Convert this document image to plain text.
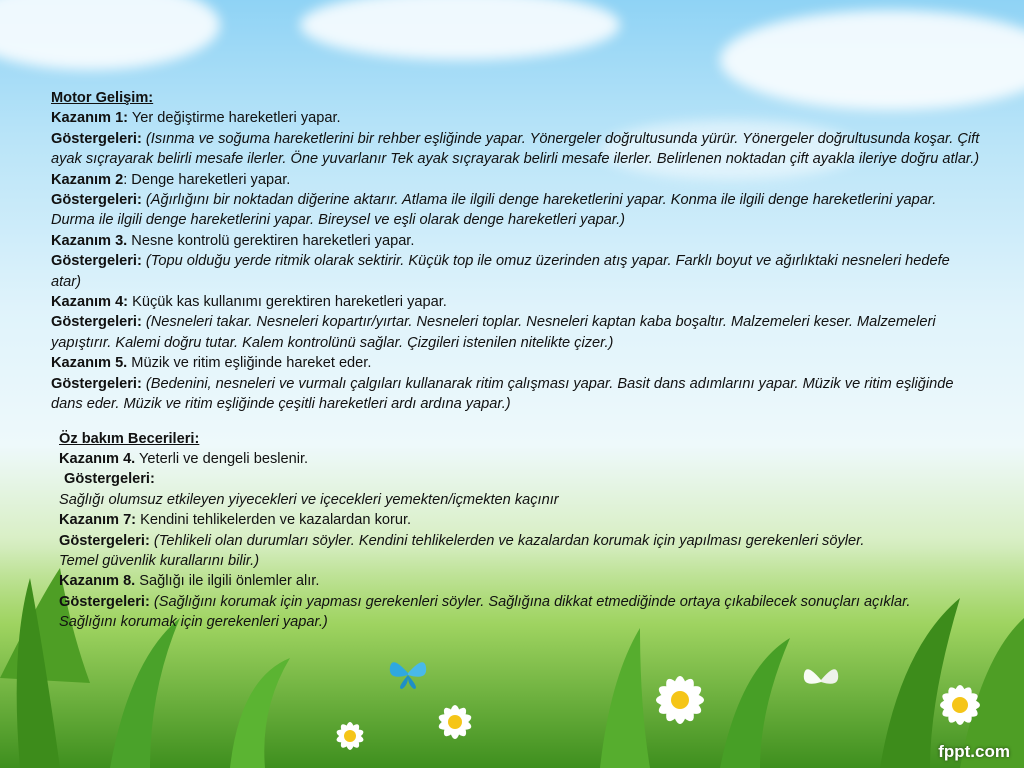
Motor Gelişim:
Kazanım 1: Yer değiştirme hareketleri yapar.
Göstergeleri: (Isınma ve soğuma hareketlerini bir rehber eşliğinde yapar. Yönergeler doğrultusunda yürür. Yönergeler doğrultusunda koşar. Çift ayak sıçrayarak belirli mesafe ilerler. Öne yuvarlanır Tek ayak sıçrayarak belirli mesafe ilerler. Belirlenen noktadan çift ayakla ileriye doğru atlar.)
Kazanım 2: Denge hareketleri yapar.
Göstergeleri: (Ağırlığını bir noktadan diğerine aktarır. Atlama ile ilgili denge hareketlerini yapar. Konma ile ilgili denge hareketlerini yapar. Durma ile ilgili denge hareketlerini yapar. Bireysel ve eşli olarak denge hareketleri yapar.)
Kazanım 3. Nesne kontrolü gerektiren hareketleri yapar.
Göstergeleri: (Topu olduğu yerde ritmik olarak sektirir. Küçük top ile omuz üzerinden atış yapar. Farklı boyut ve ağırlıktaki nesneleri hedefe atar)
Kazanım 4: Küçük kas kullanımı gerektiren hareketleri yapar.
Göstergeleri: (Nesneleri takar. Nesneleri kopartır/yırtar. Nesneleri toplar. Nesneleri kaptan kaba boşaltır. Malzemeleri keser. Malzemeleri yapıştırır. Kalemi doğru tutar. Kalem kontrolünü sağlar. Çizgileri istenilen nitelikte çizer.)
Kazanım 5. Müzik ve ritim eşliğinde hareket eder.
Göstergeleri: (Bedenini, nesneleri ve vurmalı çalgıları kullanarak ritim çalışması yapar. Basit dans adımlarını yapar. Müzik ve ritim eşliğinde dans eder. Müzik ve ritim eşliğinde çeşitli hareketleri ardı ardına yapar.)
Öz bakım Becerileri:
Kazanım 4. Yeterli ve dengeli beslenir.
Göstergeleri:
Sağlığı olumsuz etkileyen yiyecekleri ve içecekleri yemekten/içmekten kaçınır
Kazanım 7: Kendini tehlikelerden ve kazalardan korur.
Göstergeleri: (Tehlikeli olan durumları söyler. Kendini tehlikelerden ve kazalardan korumak için yapılması gerekenleri söyler. Temel güvenlik kurallarını bilir.)
Kazanım 8. Sağlığı ile ilgili önlemler alır.
Göstergeleri: (Sağlığını korumak için yapması gerekenleri söyler. Sağlığına dikkat etmediğinde ortaya çıkabilecek sonuçları açıklar. Sağlığını korumak için gerekenleri yapar.)
fppt.com
